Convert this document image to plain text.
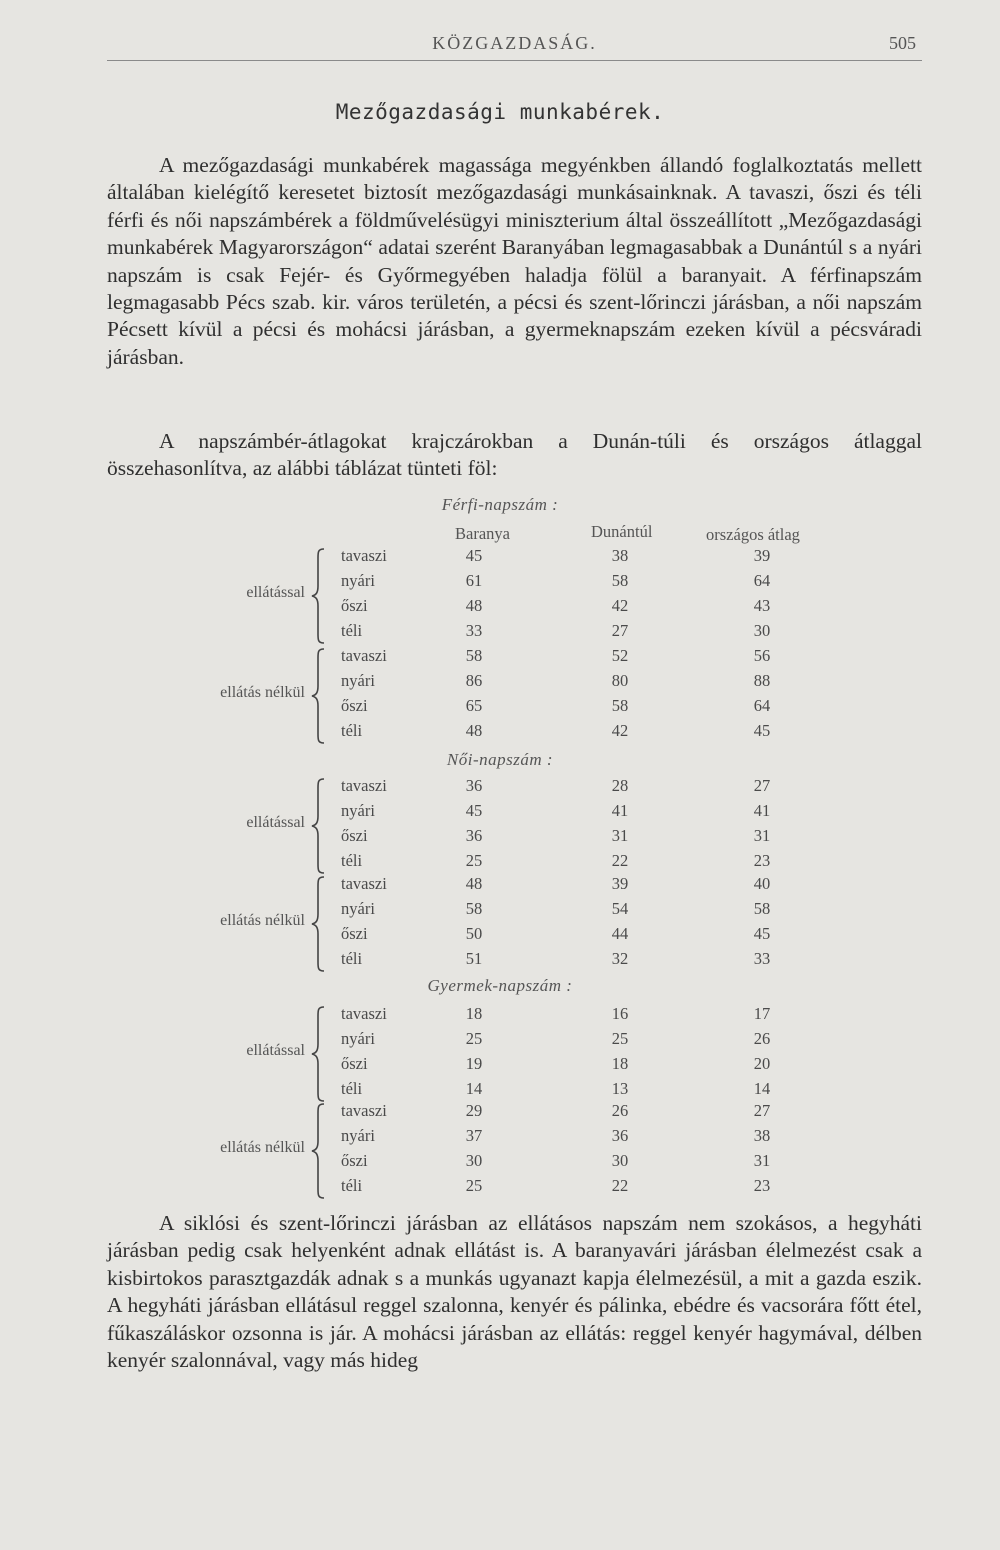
KÖZGAZDASÁG.	505
Mezőgazdasági munkabérek.

A mezőgazdasági munkabérek magassága megyénkben állandó foglalkoztatás mellett általában kielégítő keresetet biztosít mezőgazdasági munkásainknak. A tavaszi, őszi és téli férfi és női napszámbérek a földművelésügyi miniszterium által összeállított „Mezőgazdasági munkabérek Magyarországon“ adatai szerént Baranyában legmagasabbak a Dunántúl s a nyári napszám is csak Fejér- és Győrmegyében haladja fölül a baranyait. A férfinapszám legmagasabb Pécs szab. kir. város területén, a pécsi és szent-lőrinczi járásban, a női napszám Pécsett kívül a pécsi és mohácsi járásban, a gyermeknapszám ezeken kívül a pécsváradi járásban.

A napszámbér-átlagokat krajczárokban a Dunán-túli és országos átlaggal összehasonlítva, az alábbi táblázat tünteti föl:

Férfi-napszám :
Baranya	Dunántúl	országos átlag
ellátással
tavaszi	45	38	39
nyári	61	58	64
őszi	48	42	43
téli	33	27	30
ellátás nélkül
tavaszi	58	52	56
nyári	86	80	88
őszi	65	58	64
téli	48	42	45
Női-napszám :
ellátással
tavaszi	36	28	27
nyári	45	41	41
őszi	36	31	31
téli	25	22	23
ellátás nélkül
tavaszi	48	39	40
nyári	58	54	58
őszi	50	44	45
téli	51	32	33
Gyermek-napszám :
ellátással
tavaszi	18	16	17
nyári	25	25	26
őszi	19	18	20
téli	14	13	14
ellátás nélkül
tavaszi	29	26	27
nyári	37	36	38
őszi	30	30	31
téli	25	22	23

A siklósi és szent-lőrinczi járásban az ellátásos napszám nem szokásos, a hegyháti járásban pedig csak helyenként adnak ellátást is. A baranyavári járásban élelmezést csak a kisbirtokos parasztgazdák adnak s a munkás ugyanazt kapja élelmezésül, a mit a gazda eszik. A hegyháti járásban ellátásul reggel szalonna, kenyér és pálinka, ebédre és vacsorára főtt étel, fűkaszáláskor ozsonna is jár. A mohácsi járásban az ellátás: reggel kenyér hagymával, délben kenyér szalonnával, vagy más hideg
